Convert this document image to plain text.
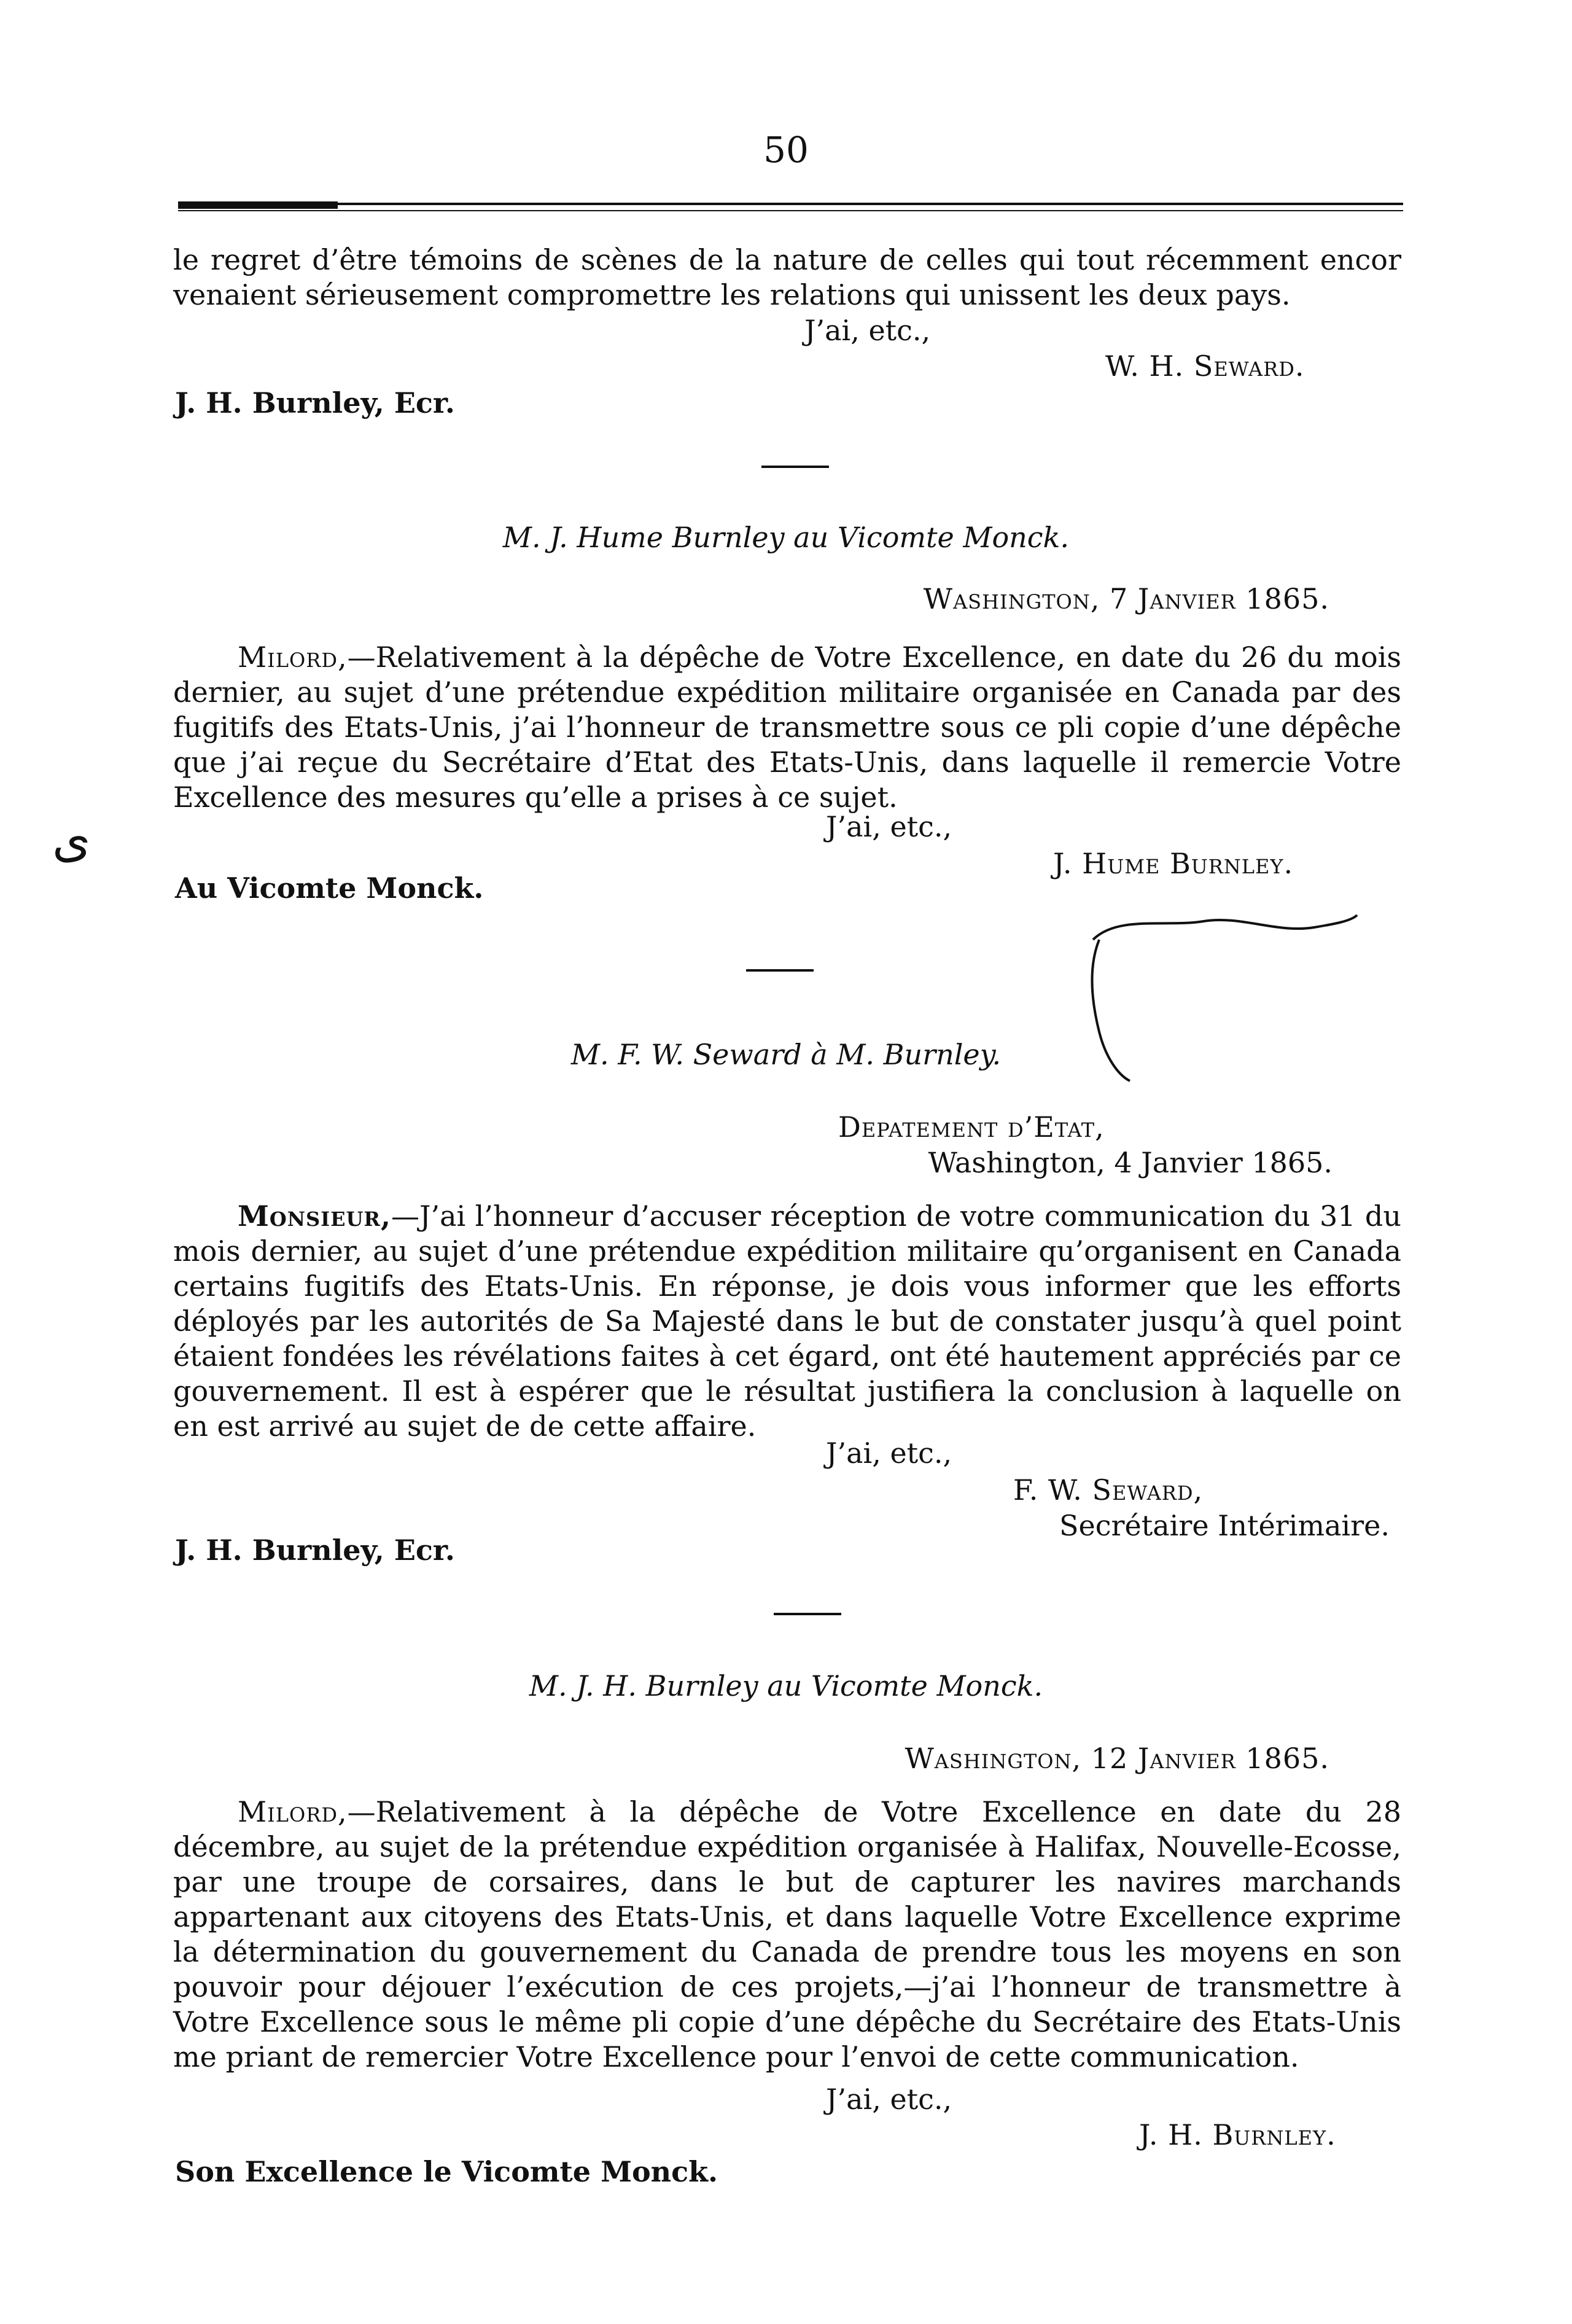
50

le regret d’être témoins de scènes de la nature de celles qui tout récemment encor

venaient sérieusement compromettre les relations qui unissent les deux pays.

J’ai, etc.,
W. H. Seward.
J. H. Burnley, Ecr.
M. J. Hume Burnley au Vicomte Monck.
Washington, 7 Janvier 1865.

Milord,—Relativement à la dépêche de Votre Excellence, en date du 26 du mois dernier, au sujet d’une prétendue expédition militaire organisée en Canada par des fugitifs des Etats-Unis, j’ai l’honneur de transmettre sous ce pli copie d’une dépêche que j’ai reçue du Secrétaire d’Etat des Etats-Unis, dans laquelle il remercie Votre Excellence des mesures qu’elle a prises à ce sujet.

J’ai, etc.,
J. Hume Burnley.
Au Vicomte Monck.
M. F. W. Seward à M. Burnley.
Depatement d’Etat,
Washington, 4 Janvier 1865.

Monsieur,—J’ai l’honneur d’accuser réception de votre communication du 31 du mois dernier, au sujet d’une prétendue expédition militaire qu’organisent en Canada certains fugitifs des Etats-Unis. En réponse, je dois vous informer que les efforts déployés par les autorités de Sa Majesté dans le but de constater jusqu’à quel point étaient fondées les révélations faites à cet égard, ont été hautement appréciés par ce gouvernement. Il est à espérer que le résultat justifiera la conclusion à laquelle on en est arrivé au sujet de de cette affaire.

J’ai, etc.,
F. W. Seward,
Secrétaire Intérimaire.
J. H. Burnley, Ecr.
M. J. H. Burnley au Vicomte Monck.
Washington, 12 Janvier 1865.

Milord,—Relativement à la dépêche de Votre Excellence en date du 28 décembre, au sujet de la prétendue expédition organisée à Halifax, Nouvelle-Ecosse, par une troupe de corsaires, dans le but de capturer les navires marchands appartenant aux citoyens des Etats-Unis, et dans laquelle Votre Excellence exprime la détermination du gouvernement du Canada de prendre tous les moyens en son pouvoir pour déjouer l’exécution de ces projets,—j’ai l’honneur de transmettre à Votre Excellence sous le même pli copie d’une dépêche du Secrétaire des Etats-Unis me priant de remercier Votre Excellence pour l’envoi de cette communication.

J’ai, etc.,
J. H. Burnley.
Son Excellence le Vicomte Monck.
ﻯ
